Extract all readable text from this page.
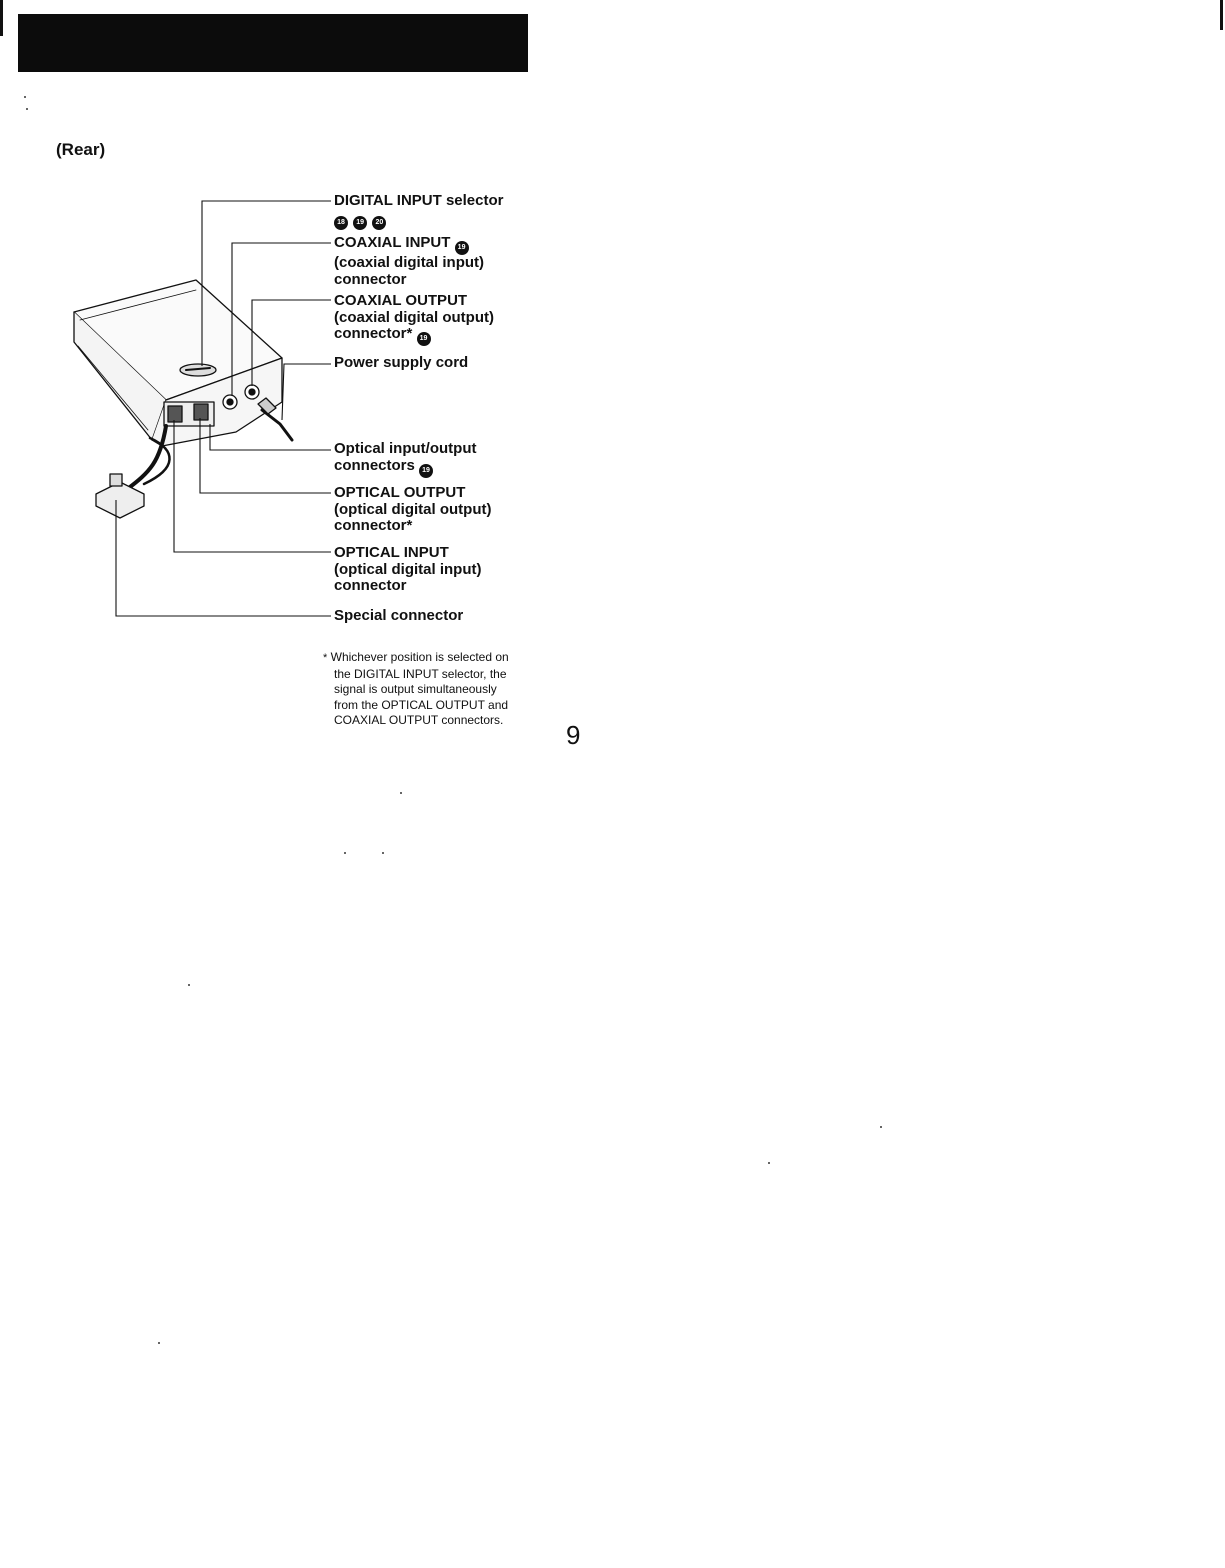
(Rear)
DIGITAL INPUT selector
18 19 20
COAXIAL INPUT 19
(coaxial digital input)
connector
COAXIAL OUTPUT
(coaxial digital output)
connector* 19
Power supply cord
Optical input/output
connectors 19
OPTICAL OUTPUT
(optical digital output)
connector*
OPTICAL INPUT
(optical digital input)
connector
Special connector
* Whichever position is selected on
the DIGITAL INPUT selector, the
signal is output simultaneously
from the OPTICAL OUTPUT and
COAXIAL OUTPUT connectors.	9
